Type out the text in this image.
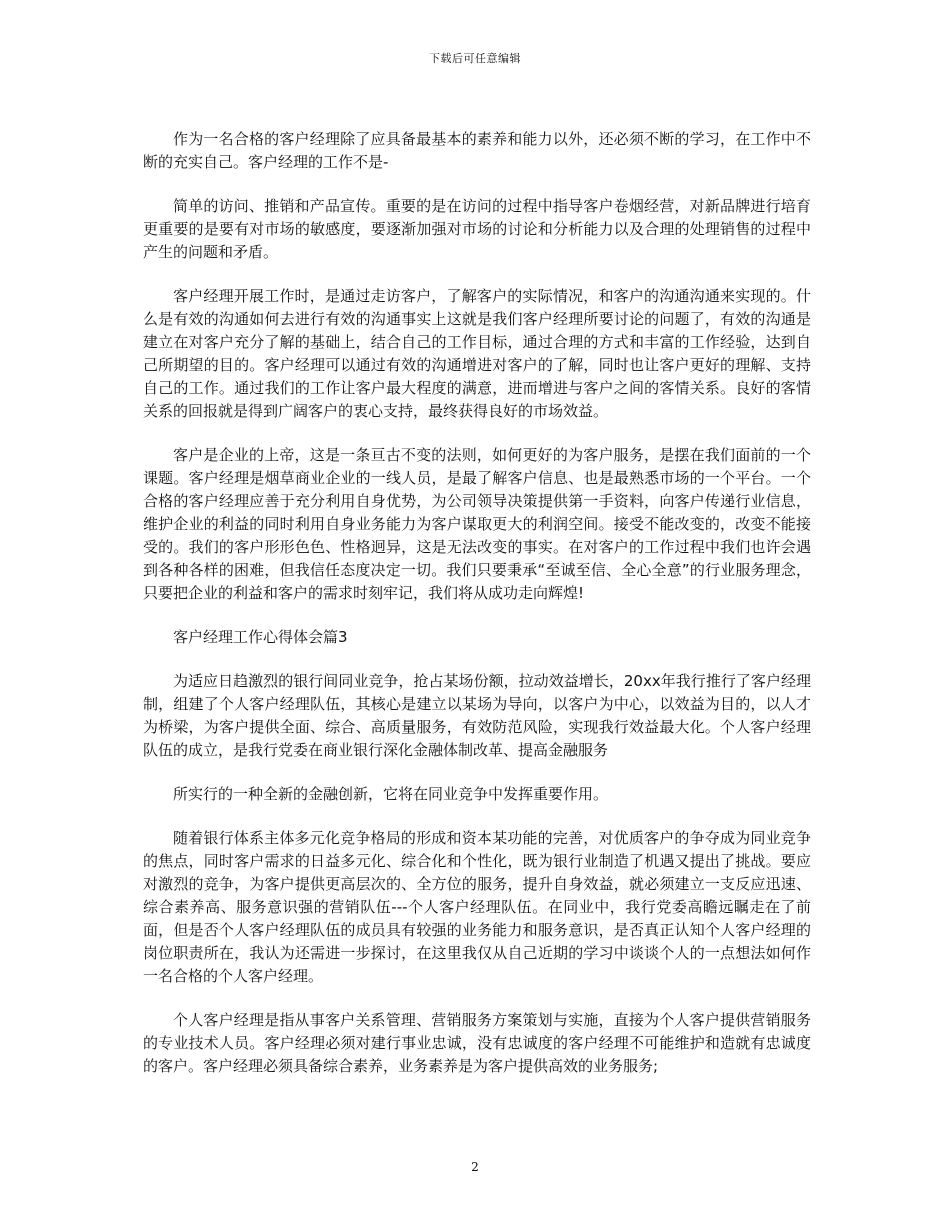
下载后可任意编辑

作为一名合格的客户经理除了应具备最基本的素养和能力以外，还必须不断的学习，在工作中不断的充实自己。客户经理的工作不是-

简单的访问、推销和产品宣传。重要的是在访问的过程中指导客户卷烟经营，对新品牌进行培育更重要的是要有对市场的敏感度，要逐渐加强对市场的讨论和分析能力以及合理的处理销售的过程中产生的问题和矛盾。

客户经理开展工作时，是通过走访客户，了解客户的实际情况，和客户的沟通沟通来实现的。什么是有效的沟通如何去进行有效的沟通事实上这就是我们客户经理所要讨论的问题了，有效的沟通是建立在对客户充分了解的基础上，结合自己的工作目标，通过合理的方式和丰富的工作经验，达到自己所期望的目的。客户经理可以通过有效的沟通增进对客户的了解，同时也让客户更好的理解、支持自己的工作。通过我们的工作让客户最大程度的满意，进而增进与客户之间的客情关系。良好的客情关系的回报就是得到广阔客户的衷心支持，最终获得良好的市场效益。

客户是企业的上帝，这是一条亘古不变的法则，如何更好的为客户服务，是摆在我们面前的一个课题。客户经理是烟草商业企业的一线人员，是最了解客户信息、也是最熟悉市场的一个平台。一个合格的客户经理应善于充分利用自身优势，为公司领导决策提供第一手资料，向客户传递行业信息，维护企业的利益的同时利用自身业务能力为客户谋取更大的利润空间。接受不能改变的，改变不能接受的。我们的客户形形色色、性格迥异，这是无法改变的事实。在对客户的工作过程中我们也许会遇到各种各样的困难，但我信任态度决定一切。我们只要秉承“至诚至信、全心全意”的行业服务理念，只要把企业的利益和客户的需求时刻牢记，我们将从成功走向辉煌!

客户经理工作心得体会篇3

为适应日趋激烈的银行间同业竞争，抢占某场份额，拉动效益增长，20xx年我行推行了客户经理制，组建了个人客户经理队伍，其核心是建立以某场为导向，以客户为中心，以效益为目的，以人才为桥梁，为客户提供全面、综合、高质量服务，有效防范风险，实现我行效益最大化。个人客户经理队伍的成立，是我行党委在商业银行深化金融体制改革、提高金融服务

所实行的一种全新的金融创新，它将在同业竞争中发挥重要作用。

随着银行体系主体多元化竞争格局的形成和资本某功能的完善，对优质客户的争夺成为同业竞争的焦点，同时客户需求的日益多元化、综合化和个性化，既为银行业制造了机遇又提出了挑战。要应对激烈的竞争，为客户提供更高层次的、全方位的服务，提升自身效益，就必须建立一支反应迅速、综合素养高、服务意识强的营销队伍---个人客户经理队伍。在同业中，我行党委高瞻远瞩走在了前面，但是否个人客户经理队伍的成员具有较强的业务能力和服务意识，是否真正认知个人客户经理的岗位职责所在，我认为还需进一步探讨，在这里我仅从自己近期的学习中谈谈个人的一点想法如何作一名合格的个人客户经理。

个人客户经理是指从事客户关系管理、营销服务方案策划与实施，直接为个人客户提供营销服务的专业技术人员。客户经理必须对建行事业忠诚，没有忠诚度的客户经理不可能维护和造就有忠诚度的客户。客户经理必须具备综合素养，业务素养是为客户提供高效的业务服务;

2
